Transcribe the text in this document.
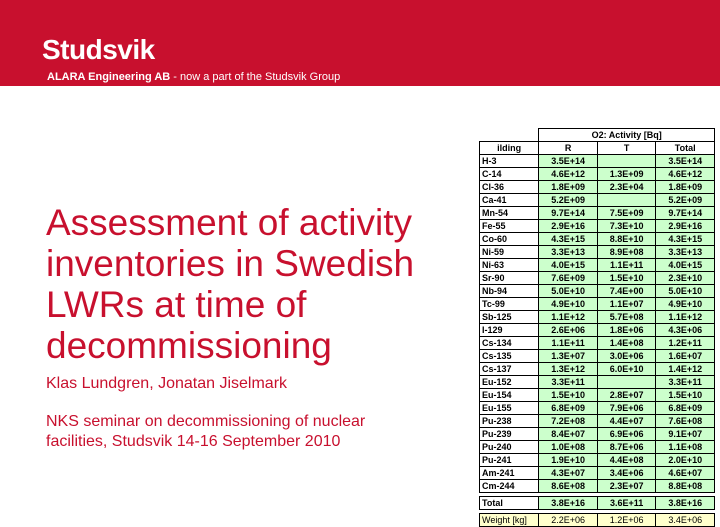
Studsvik
ALARA Engineering AB - now a part of the Studsvik Group
Assessment of activity inventories in Swedish LWRs at time of decommissioning
Klas Lundgren, Jonatan Jiselmark
NKS seminar on decommissioning of nuclear facilities, Studsvik 14-16 September 2010
	O2: Activity [Bq]		
ilding	R	T	Total
H-3	3.5E+14		3.5E+14
C-14	4.6E+12	1.3E+09	4.6E+12
Cl-36	1.8E+09	2.3E+04	1.8E+09
Ca-41	5.2E+09		5.2E+09
Mn-54	9.7E+14	7.5E+09	9.7E+14
Fe-55	2.9E+16	7.3E+10	2.9E+16
Co-60	4.3E+15	8.8E+10	4.3E+15
Ni-59	3.3E+13	8.9E+08	3.3E+13
Ni-63	4.0E+15	1.1E+11	4.0E+15
Sr-90	7.6E+09	1.5E+10	2.3E+10
Nb-94	5.0E+10	7.4E+00	5.0E+10
Tc-99	4.9E+10	1.1E+07	4.9E+10
Sb-125	1.1E+12	5.7E+08	1.1E+12
I-129	2.6E+06	1.8E+06	4.3E+06
Cs-134	1.1E+11	1.4E+08	1.2E+11
Cs-135	1.3E+07	3.0E+06	1.6E+07
Cs-137	1.3E+12	6.0E+10	1.4E+12
Eu-152	3.3E+11		3.3E+11
Eu-154	1.5E+10	2.8E+07	1.5E+10
Eu-155	6.8E+09	7.9E+06	6.8E+09
Pu-238	7.2E+08	4.4E+07	7.6E+08
Pu-239	8.4E+07	6.9E+06	9.1E+07
Pu-240	1.0E+08	8.7E+06	1.1E+08
Pu-241	1.9E+10	4.4E+08	2.0E+10
Am-241	4.3E+07	3.4E+06	4.6E+07
Cm-244	8.6E+08	2.3E+07	8.8E+08

Total	3.8E+16	3.6E+11	3.8E+16

Weight [kg]	2.2E+06	1.2E+06	3.4E+06
